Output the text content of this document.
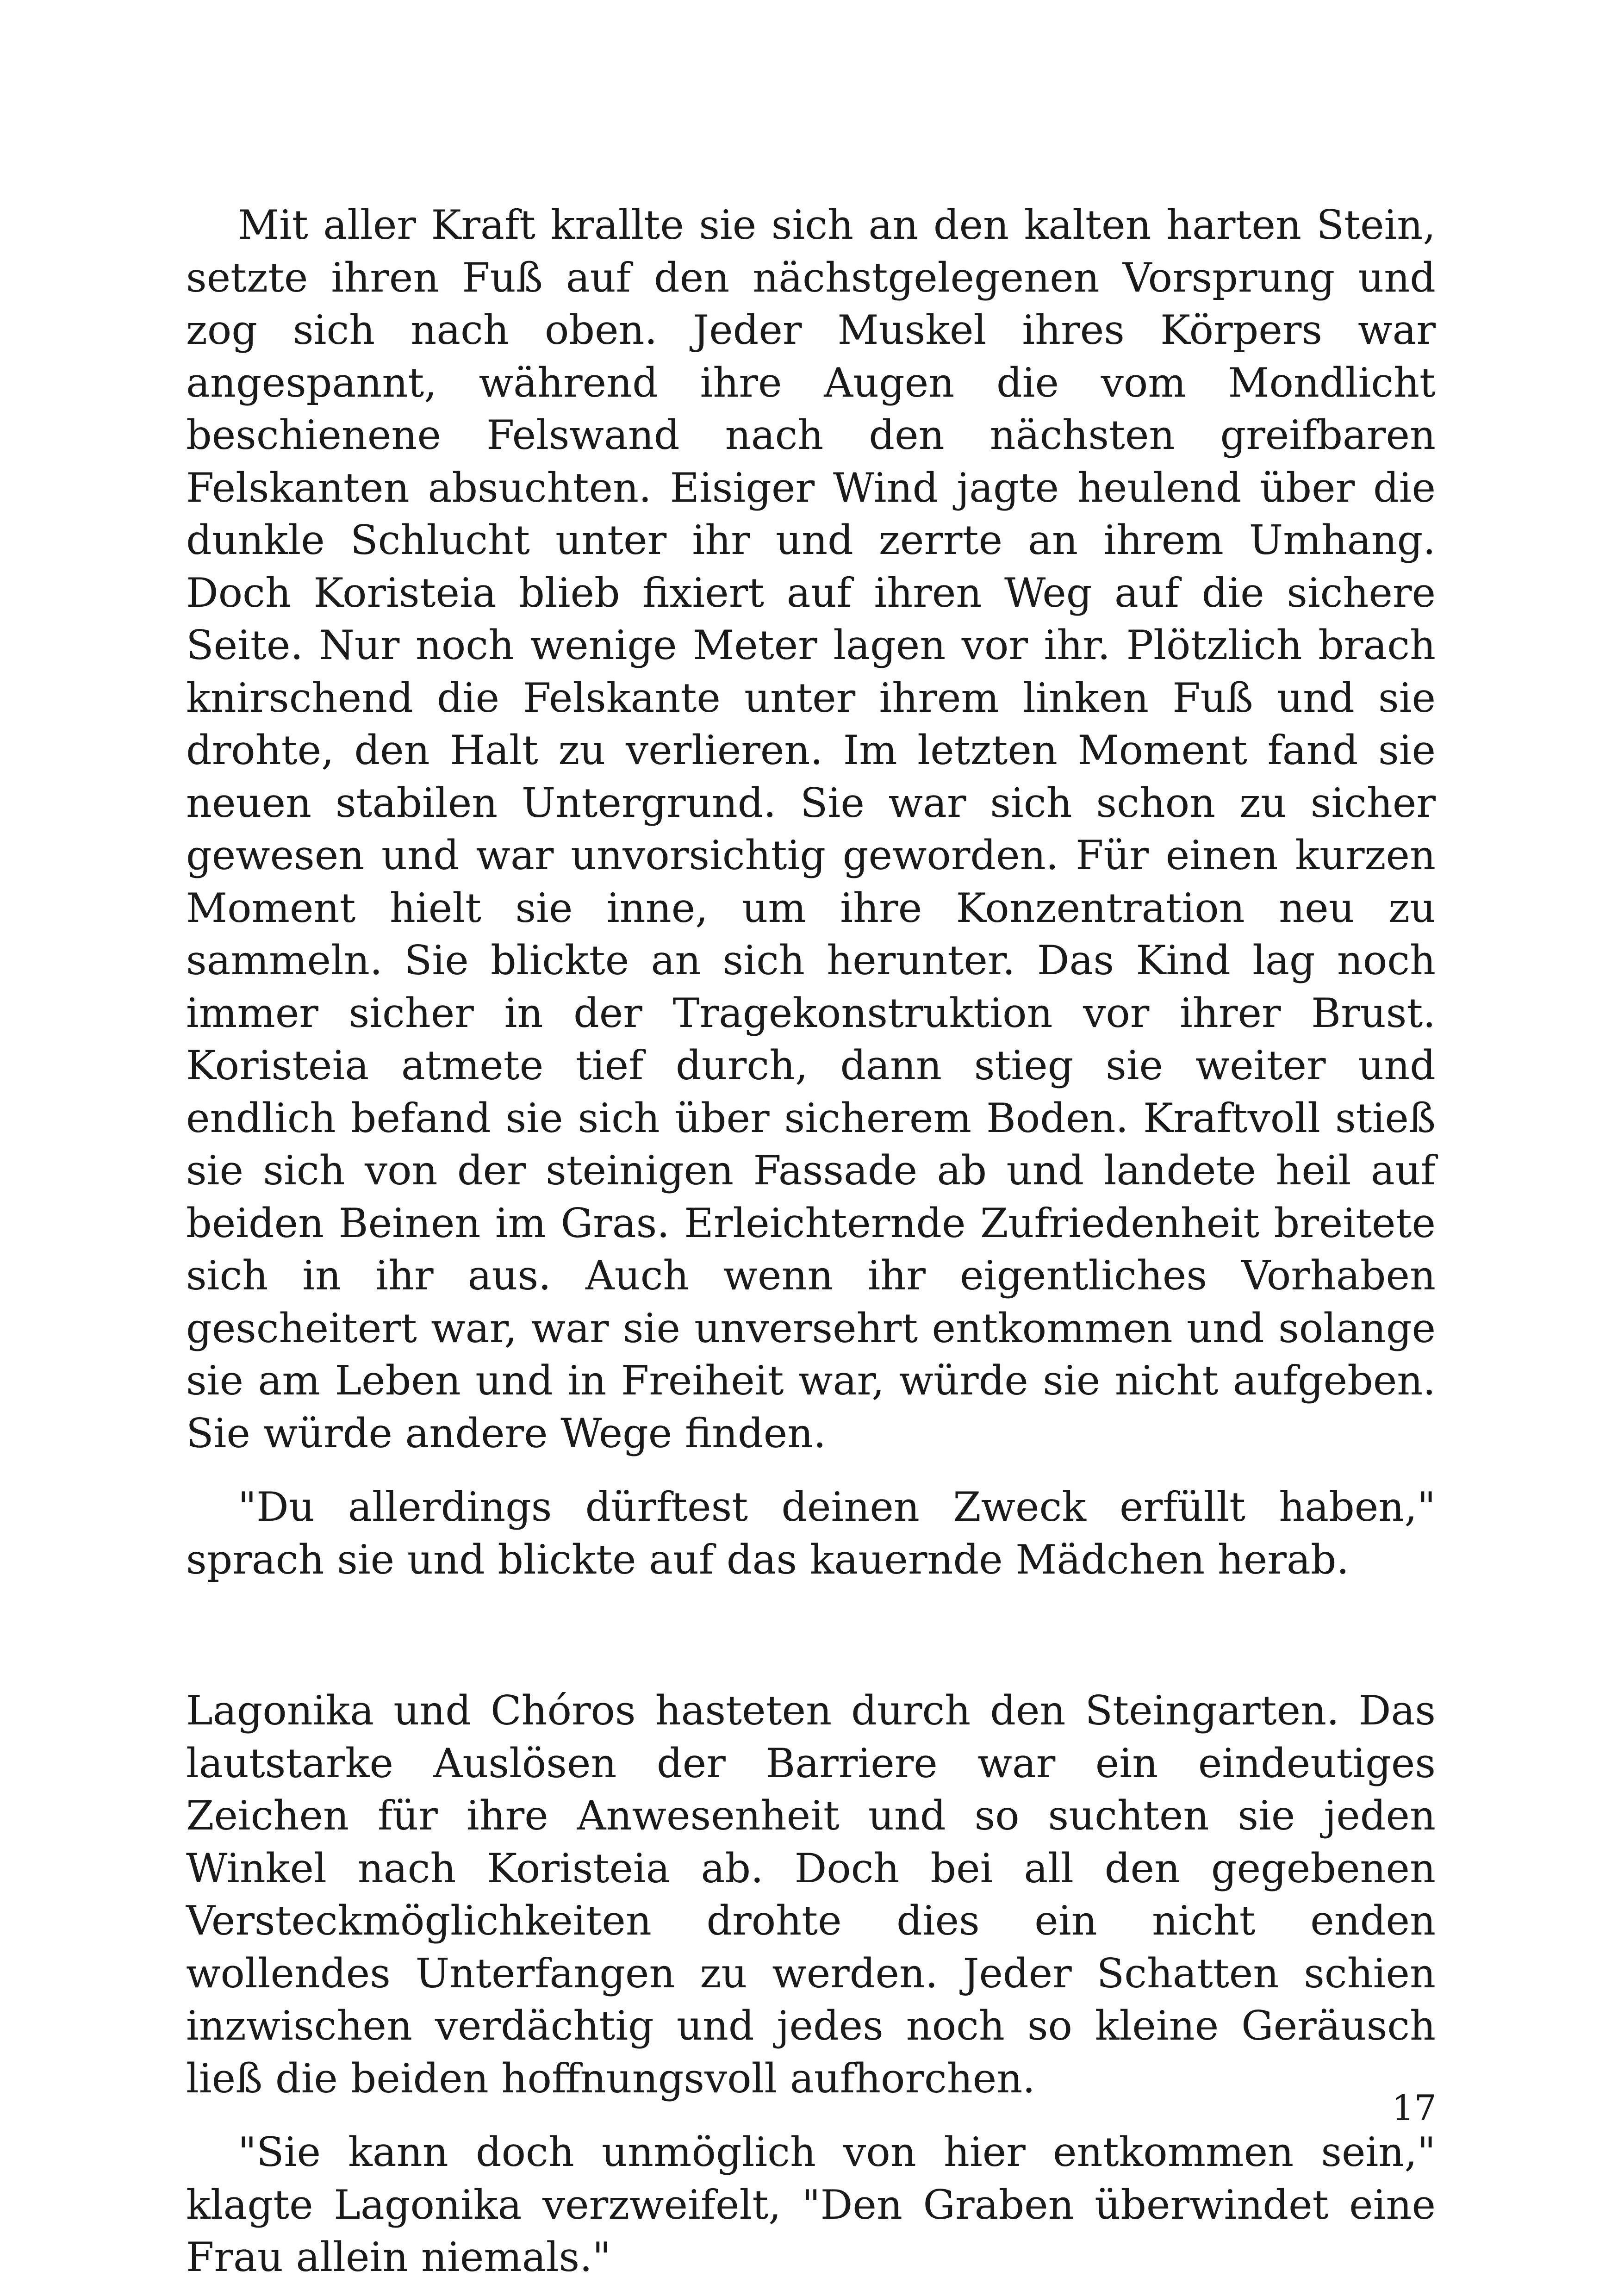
Mit aller Kraft krallte sie sich an den kalten harten Stein, setzte ihren Fuß auf den nächstgelegenen Vorsprung und zog sich nach oben. Jeder Muskel ihres Körpers war angespannt, während ihre Augen die vom Mondlicht beschienene Felswand nach den nächsten greifbaren Felskanten absuchten. Eisiger Wind jagte heulend über die dunkle Schlucht unter ihr und zerrte an ihrem Umhang. Doch Koristeia blieb fixiert auf ihren Weg auf die sichere Seite. Nur noch wenige Meter lagen vor ihr. Plötzlich brach knirschend die Felskante unter ihrem linken Fuß und sie drohte, den Halt zu verlieren. Im letzten Moment fand sie neuen stabilen Untergrund. Sie war sich schon zu sicher gewesen und war unvorsichtig geworden. Für einen kurzen Moment hielt sie inne, um ihre Konzentration neu zu sammeln. Sie blickte an sich herunter. Das Kind lag noch immer sicher in der Tragekonstruktion vor ihrer Brust. Koristeia atmete tief durch, dann stieg sie weiter und endlich befand sie sich über sicherem Boden. Kraftvoll stieß sie sich von der steinigen Fassade ab und landete heil auf beiden Beinen im Gras. Erleichternde Zufriedenheit breitete sich in ihr aus. Auch wenn ihr eigentliches Vorhaben gescheitert war, war sie unversehrt entkommen und solange sie am Leben und in Freiheit war, würde sie nicht aufgeben. Sie würde andere Wege finden.

"Du allerdings dürftest deinen Zweck erfüllt haben," sprach sie und blickte auf das kauernde Mädchen herab.

Lagonika und Chóros hasteten durch den Steingarten. Das lautstarke Auslösen der Barriere war ein eindeutiges Zeichen für ihre Anwesenheit und so suchten sie jeden Winkel nach Koristeia ab. Doch bei all den gegebenen Versteckmöglichkeiten drohte dies ein nicht enden wollendes Unterfangen zu werden. Jeder Schatten schien inzwischen verdächtig und jedes noch so kleine Geräusch ließ die beiden hoffnungsvoll aufhorchen.

"Sie kann doch unmöglich von hier entkommen sein," klagte Lagonika verzweifelt, "Den Graben überwindet eine Frau allein niemals."

17
